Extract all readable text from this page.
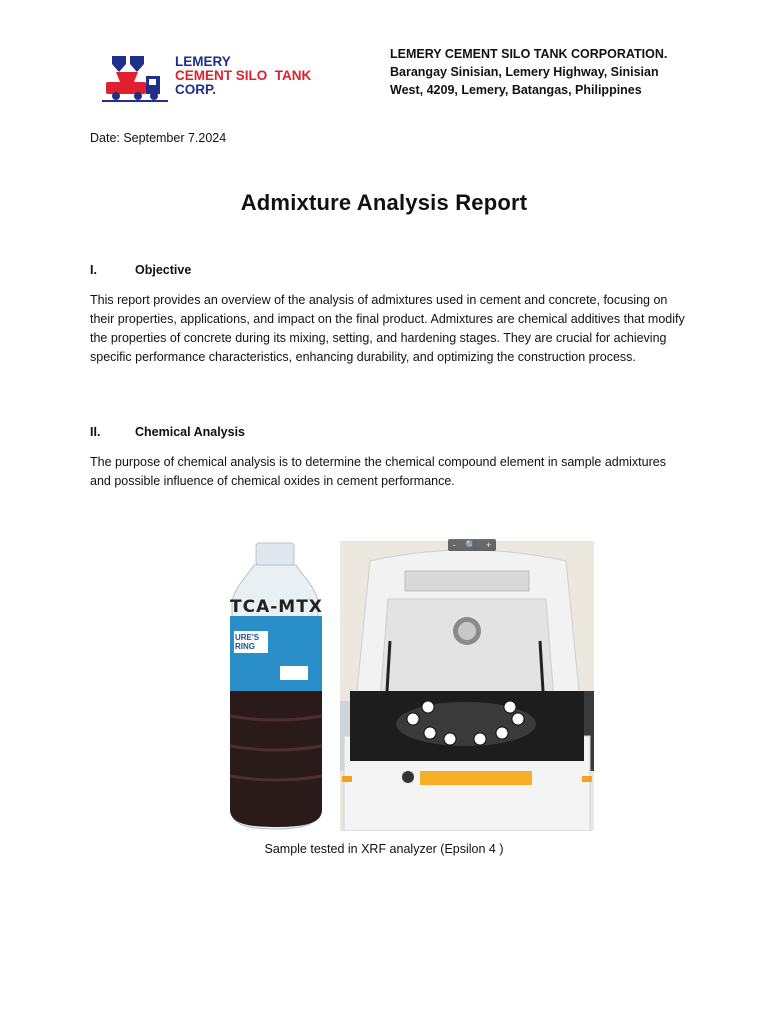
LEMERY
CEMENT SILO  TANK
CORP.
LEMERY CEMENT SILO TANK CORPORATION.
Barangay Sinisian, Lemery Highway, Sinisian
West, 4209, Lemery, Batangas, Philippines
Date: September 7.2024
Admixture Analysis Report
I.	Objective
This report provides an overview of the analysis of admixtures used in cement and concrete, focusing on their properties, applications, and impact on the final product. Admixtures are chemical additives that modify the properties of concrete during its mixing, setting, and hardening stages. They are crucial for achieving specific performance characteristics, enhancing durability, and optimizing the construction process.
II.	Chemical Analysis
The purpose of chemical analysis is to determine the chemical compound element in sample admixtures and possible influence of chemical oxides in cement performance.
TCA-MTX
URE'S RING
- 🔍 +
Sample tested in XRF analyzer (Epsilon 4 )
